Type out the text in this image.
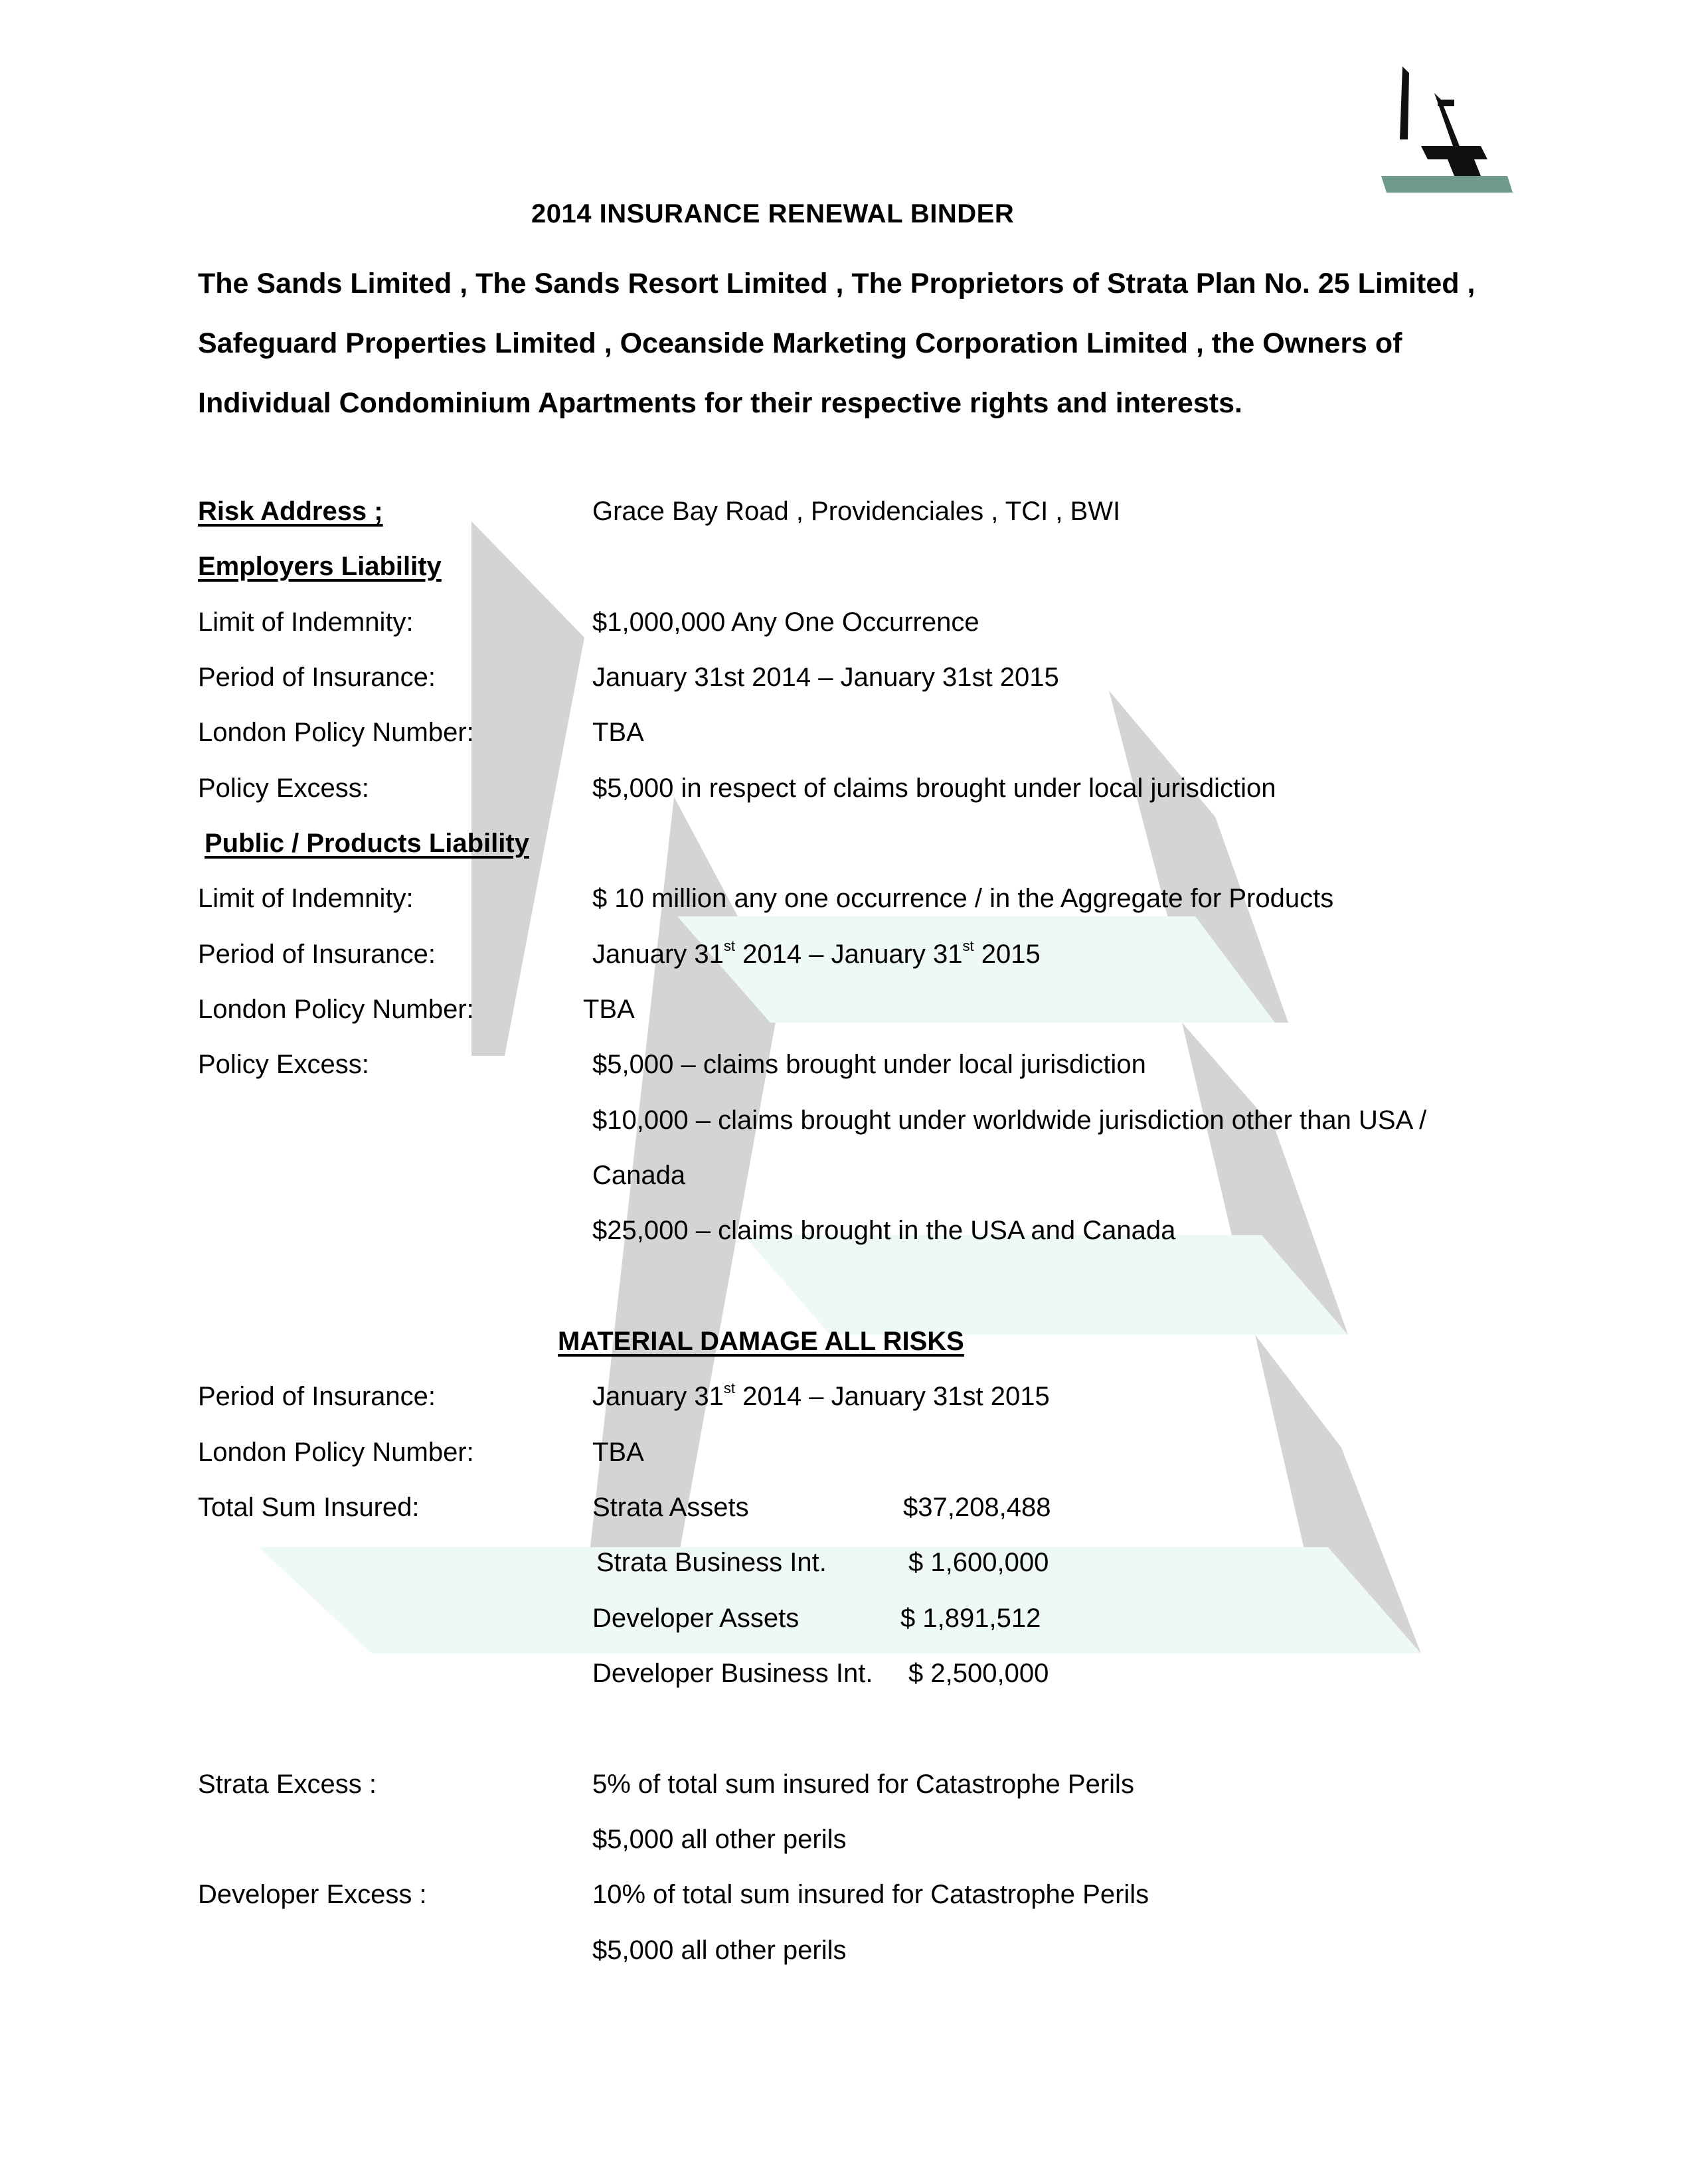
2014 INSURANCE RENEWAL BINDER
The Sands Limited , The Sands Resort Limited , The Proprietors of Strata Plan No. 25 Limited , Safeguard Properties Limited , Oceanside Marketing Corporation Limited , the Owners of Individual Condominium Apartments for their respective rights and interests.
Risk Address ;	Grace Bay Road , Providenciales , TCI , BWI
Employers Liability
Limit of Indemnity:	$1,000,000 Any One Occurrence
Period of Insurance:	January 31st 2014 – January 31st 2015
London Policy Number:	TBA
Policy Excess:	$5,000 in respect of claims brought under local jurisdiction
Public / Products Liability
Limit of Indemnity:	$ 10 million any one occurrence / in the Aggregate for Products
Period of Insurance:	January 31st 2014 – January 31st 2015
London Policy Number:	TBA
Policy Excess:	$5,000 – claims brought under local jurisdiction
$10,000 – claims brought under worldwide jurisdiction other than USA /
Canada
$25,000 – claims brought in the USA and Canada
MATERIAL DAMAGE ALL RISKS
Period of Insurance:	January 31st 2014 – January 31st 2015
London Policy Number:	TBA
Total Sum Insured:	Strata Assets	$37,208,488
Strata Business Int.	$ 1,600,000
Developer Assets	$ 1,891,512
Developer Business Int. $ 2,500,000
Strata Excess :	5% of total sum insured for Catastrophe Perils
$5,000 all other perils
Developer Excess :	10% of total sum insured for Catastrophe Perils
$5,000 all other perils
